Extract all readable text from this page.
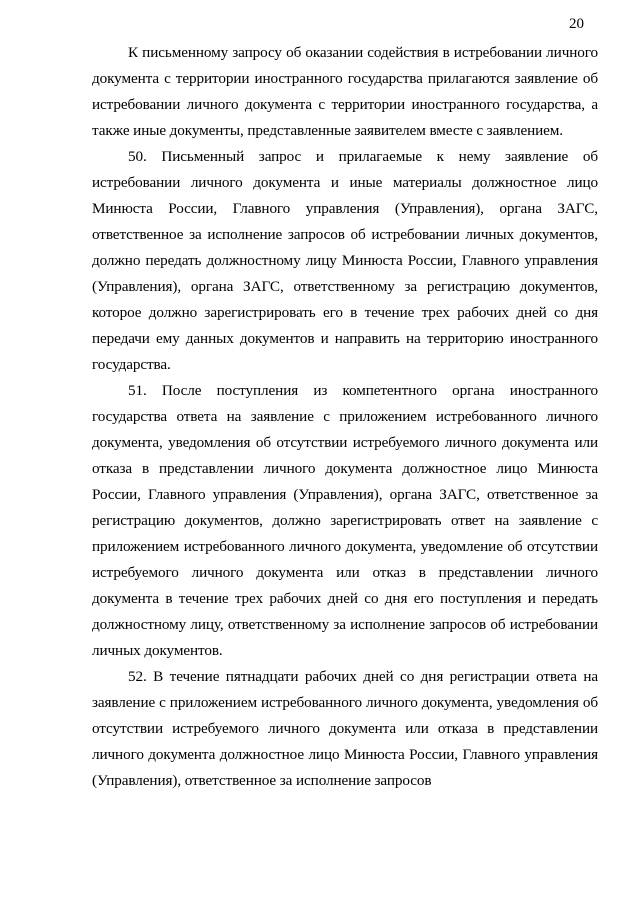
20

К письменному запросу об оказании содействия в истребовании личного документа с территории иностранного государства прилагаются заявление об истребовании личного документа с территории иностранного государства, а также иные документы, представленные заявителем вместе с заявлением.

50. Письменный запрос и прилагаемые к нему заявление об истребовании личного документа и иные материалы должностное лицо Минюста России, Главного управления (Управления), органа ЗАГС, ответственное за исполнение запросов об истребовании личных документов, должно передать должностному лицу Минюста России, Главного управления (Управления), органа ЗАГС, ответственному за регистрацию документов, которое должно зарегистрировать его в течение трех рабочих дней со дня передачи ему данных документов и направить на территорию иностранного государства.

51. После поступления из компетентного органа иностранного государства ответа на заявление с приложением истребованного личного документа, уведомления об отсутствии истребуемого личного документа или отказа в представлении личного документа должностное лицо Минюста России, Главного управления (Управления), органа ЗАГС, ответственное за регистрацию документов, должно зарегистрировать ответ на заявление с приложением истребованного личного документа, уведомление об отсутствии истребуемого личного документа или отказ в представлении личного документа в течение трех рабочих дней со дня его поступления и передать должностному лицу, ответственному за исполнение запросов об истребовании личных документов.

52. В течение пятнадцати рабочих дней со дня регистрации ответа на заявление с приложением истребованного личного документа, уведомления об отсутствии истребуемого личного документа или отказа в представлении личного документа должностное лицо Минюста России, Главного управления (Управления), ответственное за исполнение запросов
